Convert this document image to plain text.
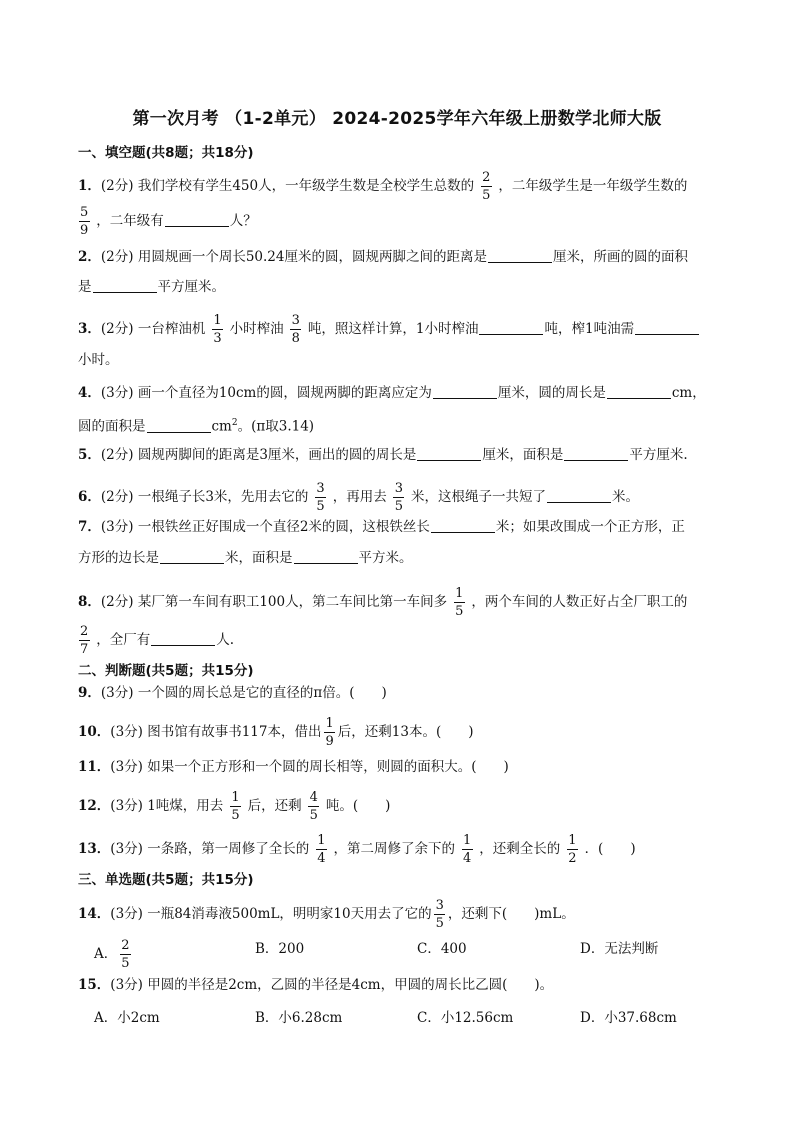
第一次月考 （1-2单元） 2024-2025学年六年级上册数学北师大版
一、填空题(共8题；共18分)
1．(2分) 我们学校有学生450人，一年级学生数是全校学生总数的 $\frac{2}{5}$ ，二年级学生是一年级学生数的
$\frac{5}{9}$ ，二年级有	人？
2．(2分) 用圆规画一个周长50.24厘米的圆，圆规两脚之间的距离是	厘米，所画的圆的面积
是	平方厘米。
3．(2分) 一台榨油机 $\frac{1}{3}$ 小时榨油 $\frac{3}{8}$ 吨，照这样计算，1小时榨油	吨，榨1吨油需
小时。
4．(3分) 画一个直径为10cm的圆，圆规两脚的距离应定为	厘米，圆的周长是	cm，
圆的面积是	$cm^2$。(π取3.14)
5．(2分) 圆规两脚间的距离是3厘米，画出的圆的周长是	厘米，面积是	平方厘米.
6．(2分) 一根绳子长3米，先用去它的 $\frac{3}{5}$ ，再用去 $\frac{3}{5}$ 米，这根绳子一共短了	米。
7．(3分) 一根铁丝正好围成一个直径2米的圆，这根铁丝长	米；如果改围成一个正方形，正
方形的边长是	米，面积是	平方米。
8．(2分) 某厂第一车间有职工100人，第二车间比第一车间多 $\frac{1}{5}$ ，两个车间的人数正好占全厂职工的
$\frac{2}{7}$ ，全厂有	人.
二、判断题(共5题；共15分)
9．(3分) 一个圆的周长总是它的直径的π倍。(　　)
10．(3分) 图书馆有故事书117本，借出 $\frac{1}{9}$ 后，还剩13本。(　　)
11．(3分) 如果一个正方形和一个圆的周长相等，则圆的面积大。(　　)
12．(3分) 1吨煤，用去 $\frac{1}{5}$ 后，还剩 $\frac{4}{5}$ 吨。(　　)
13．(3分) 一条路，第一周修了全长的 $\frac{1}{4}$ ，第二周修了余下的 $\frac{1}{4}$ ，还剩全长的 $\frac{1}{2}$ ．(　　)
三、单选题(共5题；共15分)
14．(3分) 一瓶84消毒液500mL，明明家10天用去了它的 $\frac{3}{5}$ ，还剩下(　　)mL。
A． $\frac{2}{5}$	B．200	C．400	D．无法判断
15．(3分) 甲圆的半径是2cm，乙圆的半径是4cm，甲圆的周长比乙圆(　　)。
A．小2cm	B．小6.28cm	C．小12.56cm	D．小37.68cm
